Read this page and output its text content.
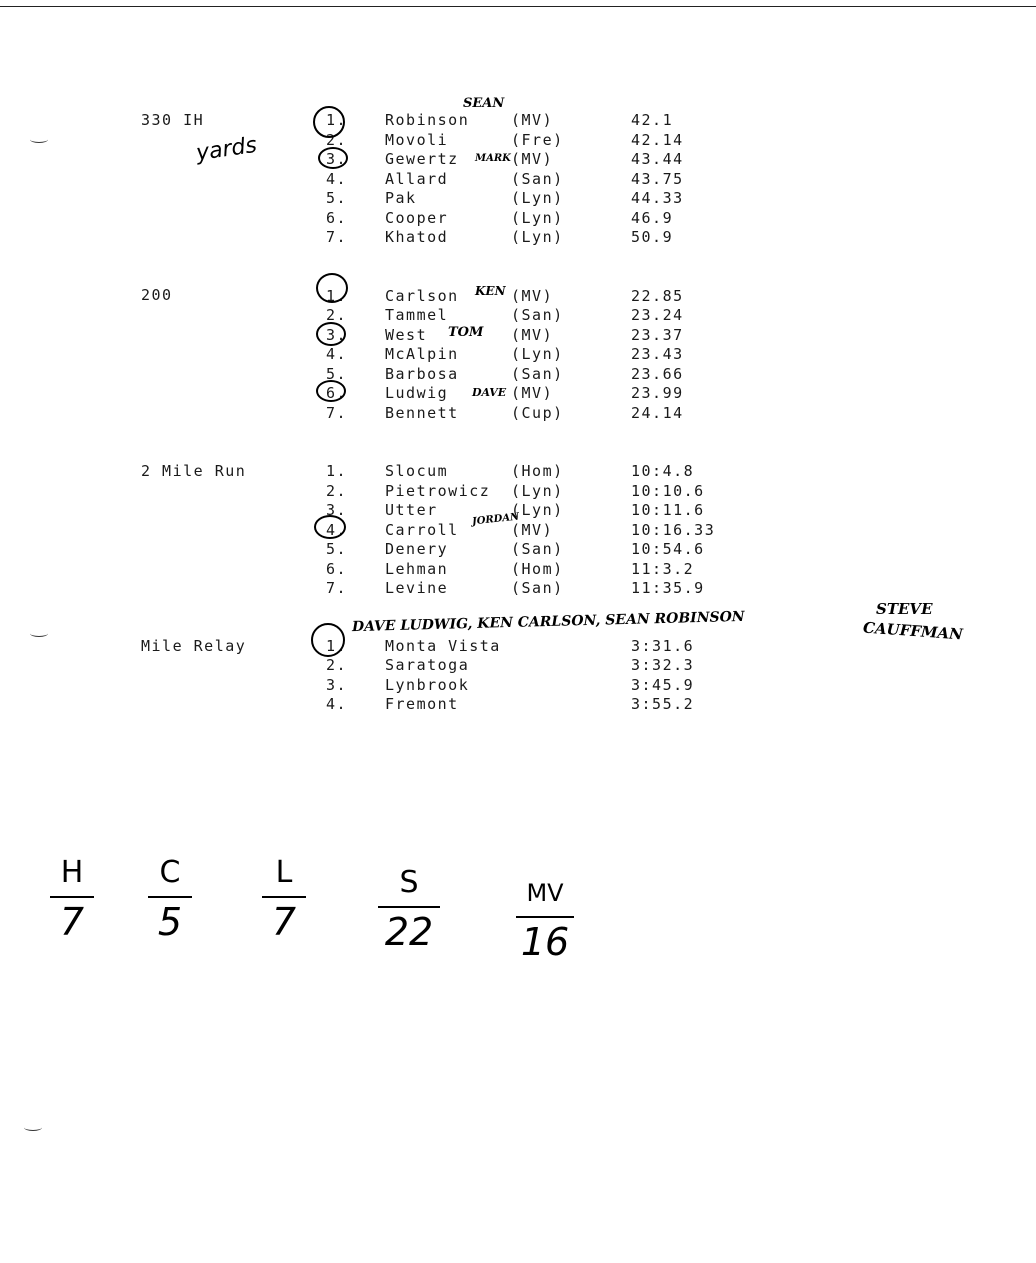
330 IH	1.	Robinson	(MV)	42.1
2.	Movoli	(Fre)	42.14
3.	Gewertz	(MV)	43.44
4.	Allard	(San)	43.75
5.	Pak	(Lyn)	44.33
6.	Cooper	(Lyn)	46.9
7.	Khatod	(Lyn)	50.9
200	1.	Carlson	(MV)	22.85
2.	Tammel	(San)	23.24
3.	West	(MV)	23.37
4.	McAlpin	(Lyn)	23.43
5.	Barbosa	(San)	23.66
6.	Ludwig	(MV)	23.99
7.	Bennett	(Cup)	24.14
2 Mile Run	1.	Slocum	(Hom)	10:4.8
2.	Pietrowicz (Lyn)	10:10.6
3.	Utter	(Lyn)	10:11.6
4.	Carroll	(MV)	10:16.33
5.	Denery	(San)	10:54.6
6.	Lehman	(Hom)	11:3.2
7.	Levine	(San)	11:35.9
Mile Relay	1.	Monta Vista	3:31.6
2.	Saratoga	3:32.3
3.	Lynbrook	3:45.9
4.	Fremont	3:55.2
yards
SEAN
MARK
KEN
TOM
DAVE
JORDAN
DAVE LUDWIG, KEN CARLSON, SEAN ROBINSON	STEVE
CAUFFMAN
H
7
C
5
L
7
S
22
MV
16
